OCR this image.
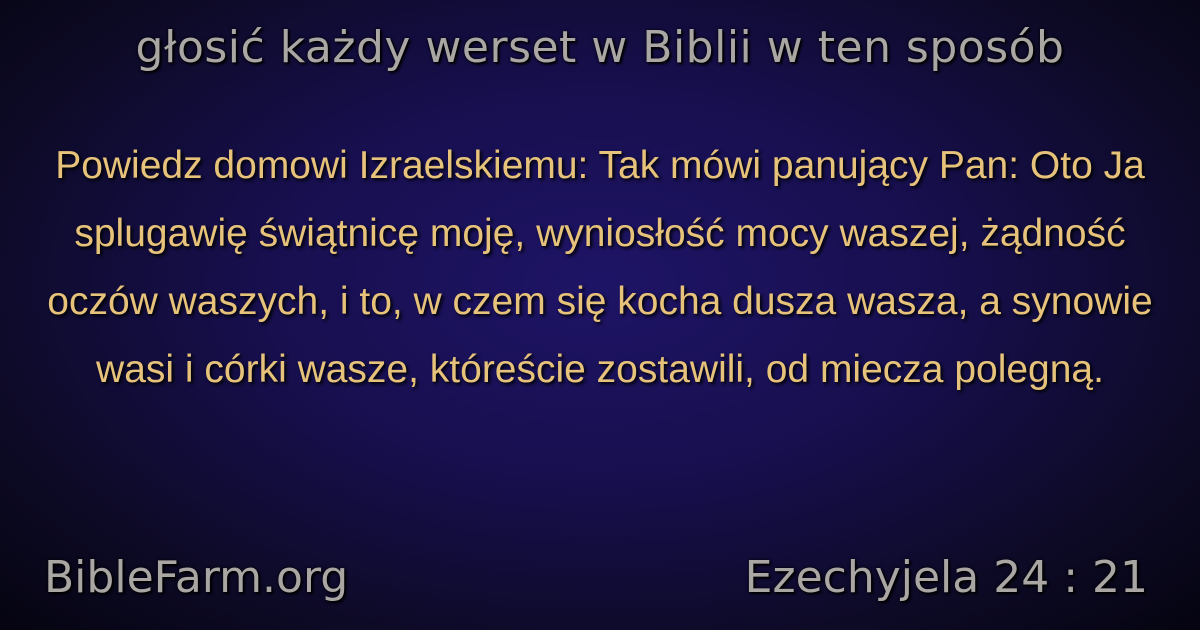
głosić każdy werset w Biblii w ten sposób
Powiedz domowi Izraelskiemu: Tak mówi panujący Pan: Oto Ja splugawię świątnicę moję, wyniosłość mocy waszej, żądność oczów waszych, i to, w czem się kocha dusza wasza, a synowie wasi i córki wasze, któreście zostawili, od miecza polegną.
BibleFarm.org	Ezechyjela 24 : 21
